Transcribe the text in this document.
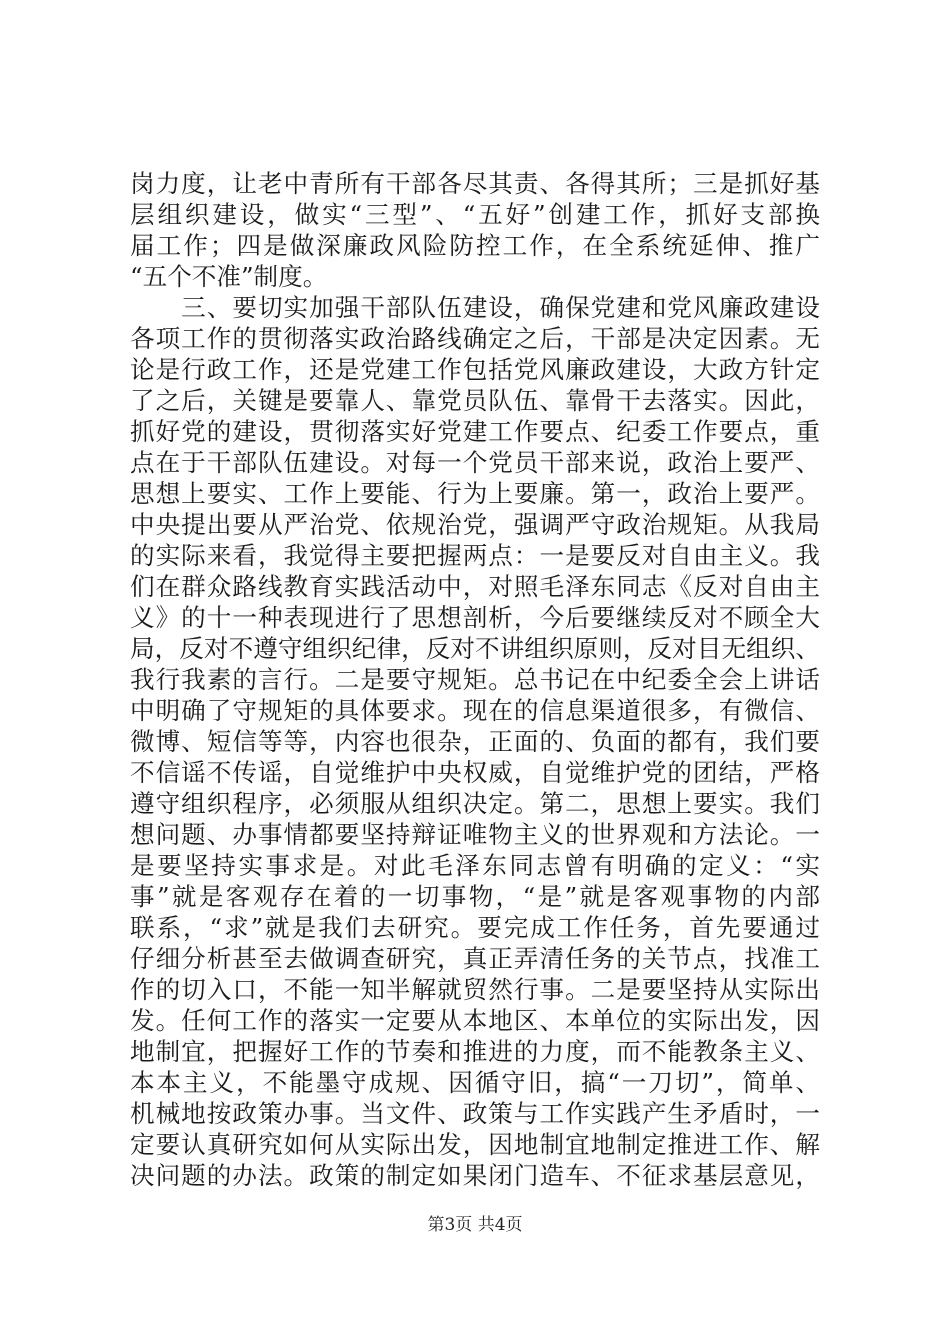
岗力度，让老中青所有干部各尽其责、各得其所；三是抓好基
层组织建设，做实“三型”、“五好”创建工作，抓好支部换
届工作；四是做深廉政风险防控工作，在全系统延伸、推广
“五个不准”制度。
　　三、要切实加强干部队伍建设，确保党建和党风廉政建设
各项工作的贯彻落实政治路线确定之后，干部是决定因素。无
论是行政工作，还是党建工作包括党风廉政建设，大政方针定
了之后，关键是要靠人、靠党员队伍、靠骨干去落实。因此，
抓好党的建设，贯彻落实好党建工作要点、纪委工作要点，重
点在于干部队伍建设。对每一个党员干部来说，政治上要严、
思想上要实、工作上要能、行为上要廉。第一，政治上要严。
中央提出要从严治党、依规治党，强调严守政治规矩。从我局
的实际来看，我觉得主要把握两点：一是要反对自由主义。我
们在群众路线教育实践活动中，对照毛泽东同志《反对自由主
义》的十一种表现进行了思想剖析，今后要继续反对不顾全大
局，反对不遵守组织纪律，反对不讲组织原则，反对目无组织、
我行我素的言行。二是要守规矩。总书记在中纪委全会上讲话
中明确了守规矩的具体要求。现在的信息渠道很多，有微信、
微博、短信等等，内容也很杂，正面的、负面的都有，我们要
不信谣不传谣，自觉维护中央权威，自觉维护党的团结，严格
遵守组织程序，必须服从组织决定。第二，思想上要实。我们
想问题、办事情都要坚持辩证唯物主义的世界观和方法论。一
是要坚持实事求是。对此毛泽东同志曾有明确的定义：“实
事”就是客观存在着的一切事物，“是”就是客观事物的内部
联系，“求”就是我们去研究。要完成工作任务，首先要通过
仔细分析甚至去做调查研究，真正弄清任务的关节点，找准工
作的切入口，不能一知半解就贸然行事。二是要坚持从实际出
发。任何工作的落实一定要从本地区、本单位的实际出发，因
地制宜，把握好工作的节奏和推进的力度，而不能教条主义、
本本主义，不能墨守成规、因循守旧，搞“一刀切”，简单、
机械地按政策办事。当文件、政策与工作实践产生矛盾时，一
定要认真研究如何从实际出发，因地制宜地制定推进工作、解
决问题的办法。政策的制定如果闭门造车、不征求基层意见，
第3页 共4页
